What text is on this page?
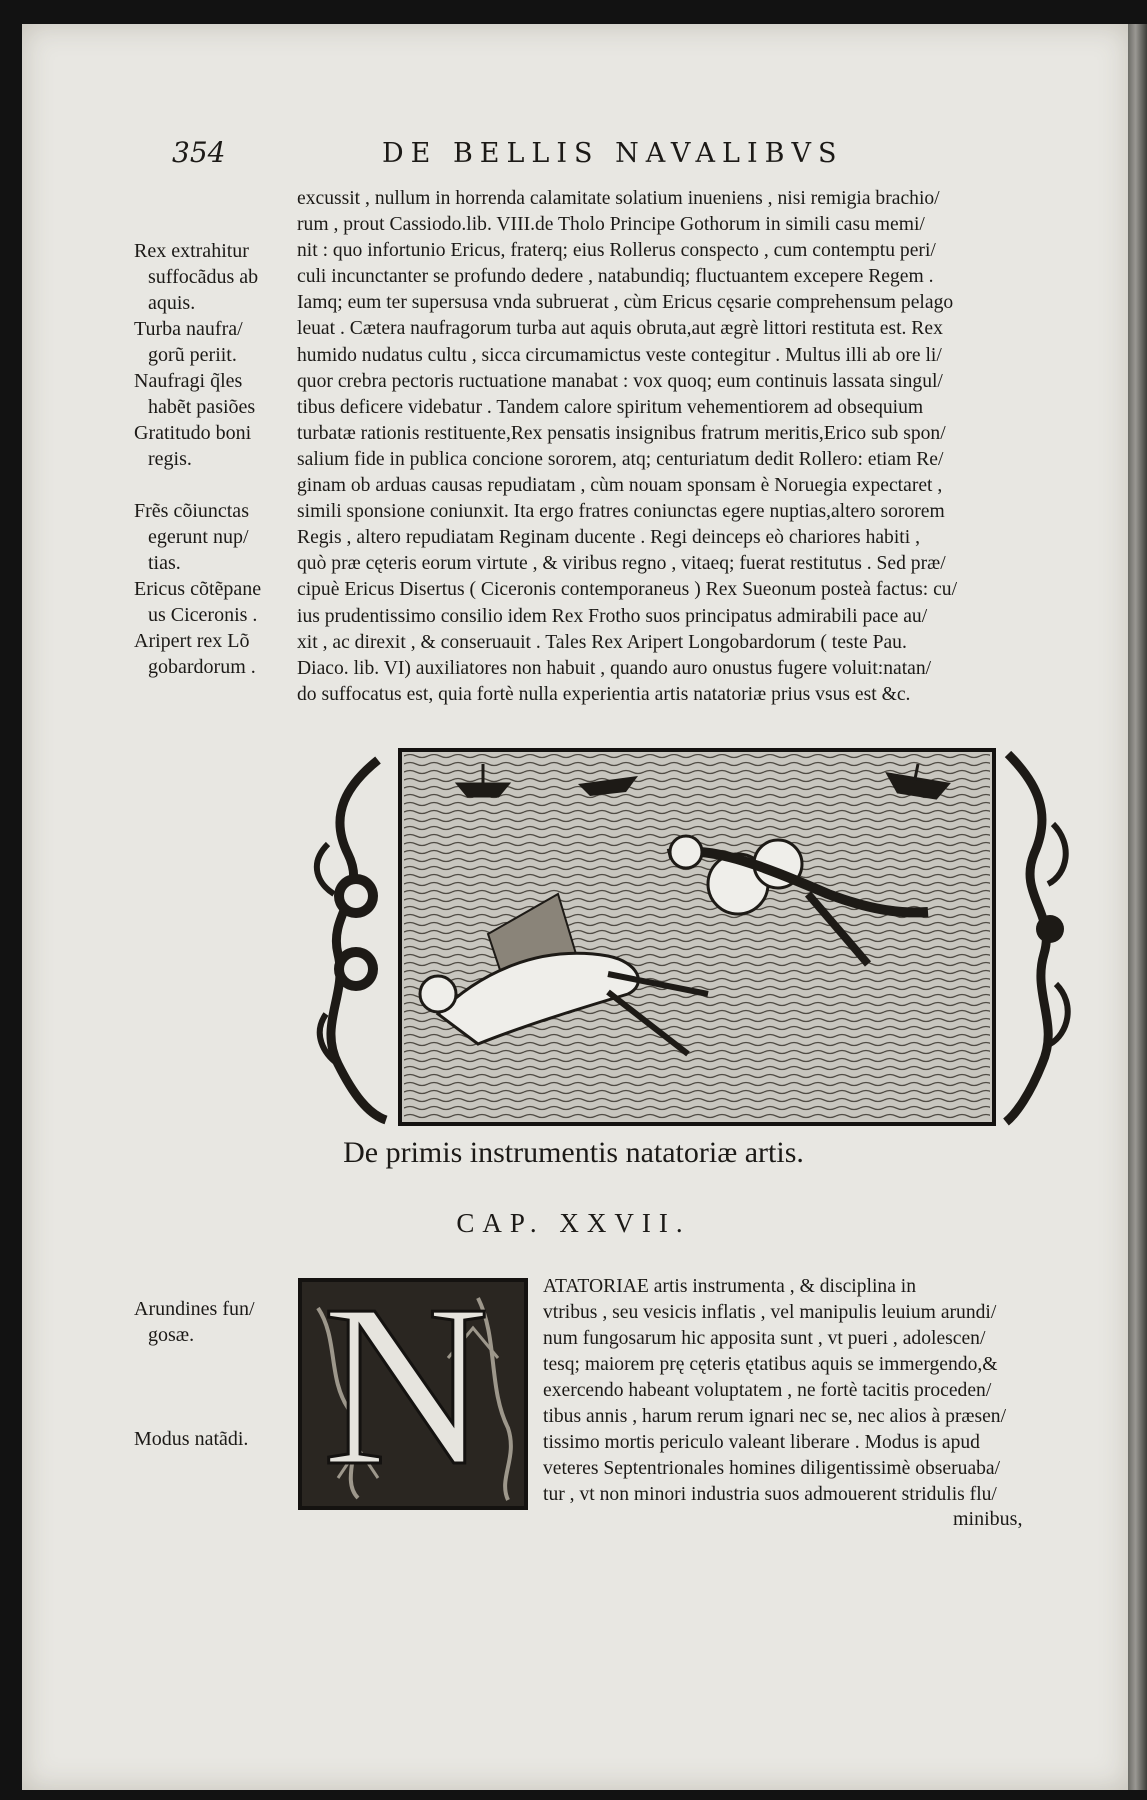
354	DE BELLIS NAVALIBVS

excussit , nullum in horrenda calamitate solatium inueniens , nisi remigia brachio/
rum , prout Cassiodo.lib. VIII.de Tholo Principe Gothorum in simili casu memi/
nit : quo infortunio Ericus, fraterq; eius Rollerus conspecto , cum contemptu peri/
culi incunctanter se profundo dedere , natabundiq; fluctuantem excepere Regem .
Iamq; eum ter supersusa vnda subruerat , cùm Ericus cęsarie comprehensum pelago
leuat . Cætera naufragorum turba aut aquis obruta,aut ægrè littori restituta est. Rex
humido nudatus cultu , sicca circumamictus veste contegitur . Multus illi ab ore li/
quor crebra pectoris ructuatione manabat : vox quoq; eum continuis lassata singul/
tibus deficere videbatur . Tandem calore spiritum vehementiorem ad obsequium
turbatæ rationis restituente,Rex pensatis insignibus fratrum meritis,Erico sub spon/
salium fide in publica concione sororem, atq; centuriatum dedit Rollero: etiam Re/
ginam ob arduas causas repudiatam , cùm nouam sponsam è Noruegia expectaret ,
simili sponsione coniunxit. Ita ergo fratres coniunctas egere nuptias,altero sororem
Regis , altero repudiatam Reginam ducente . Regi deinceps eò chariores habiti ,
quò præ cęteris eorum virtute , & viribus regno , vitaeq; fuerat restitutus . Sed præ/
cipuè Ericus Disertus ( Ciceronis contemporaneus ) Rex Sueonum posteà factus: cu/
ius prudentissimo consilio idem Rex Frotho suos principatus admirabili pace au/
xit , ac direxit , & conseruauit . Tales Rex Aripert Longobardorum ( teste Pau.
Diaco. lib. VI) auxiliatores non habuit , quando auro onustus fugere voluit:natan/
do suffocatus est, quia fortè nulla experientia artis natatoriæ prius vsus est &c.

Rex extrahitur
suffocãdus ab
aquis.

Turba naufra/
gorũ periit.

Naufragi q̃les
habẽt pasiões

Gratitudo boni
regis.

Frẽs cõiunctas
egerunt nup/
tias.

Ericus cõtẽpane
us Ciceronis .

Aripert rex Lõ
gobardorum .

De primis instrumentis natatoriæ artis.
CAP. XXVII.
N	ATATORIAE artis instrumenta , & disciplina in
vtribus , seu vesicis inflatis , vel manipulis leuium arundi/
num fungosarum hic apposita sunt , vt pueri , adolescen/
tesq; maiorem prę cęteris ętatibus aquis se immergendo,&
exercendo habeant voluptatem , ne fortè tacitis proceden/
tibus annis , harum rerum ignari nec se, nec alios à præsen/
tissimo mortis periculo valeant liberare . Modus is apud
veteres Septentrionales homines diligentissimè obseruaba/
tur , vt non minori industria suos admouerent stridulis flu/

minibus,

Arundines fun/
gosæ.

Modus natãdi.
